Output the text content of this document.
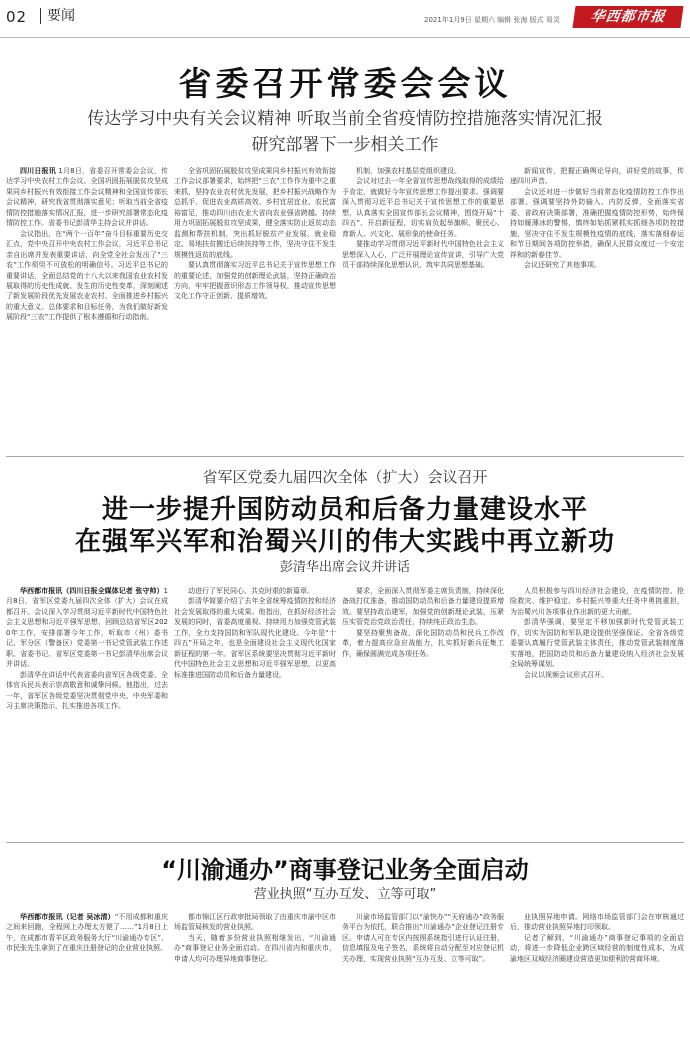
02	要闻	2021年1月9日 星期六 编辑 张海 版式 易灵	华西都市报
省委召开常委会会议
传达学习中央有关会议精神 听取当前全省疫情防控措施落实情况汇报
研究部署下一步相关工作

四川日报讯 1月8日，省委召开常委会会议，传达学习中央农村工作会议、全国巩固拓展脱贫攻坚成果同乡村振兴有效衔接工作会议精神和全国宣传部长会议精神，研究我省贯彻落实意见；听取当前全省疫情防控措施落实情况汇报，进一步研究部署常态化疫情防控工作。省委书记彭清华主持会议并讲话。

会议指出，在“两个一百年”奋斗目标重要历史交汇点，党中央召开中央农村工作会议，习近平总书记亲自出席并发表重要讲话，向全党全社会发出了“三农”工作须臾不可放松的明确信号。习近平总书记的重要讲话，全面总结党的十八大以来我国农业农村发展取得的历史性成就、发生的历史性变革，深刻阐述了新发展阶段优先发展农业农村、全面推进乡村振兴的重大意义、总体要求和目标任务，为我们做好新发展阶段“三农”工作提供了根本遵循和行动指南。

全省巩固拓展脱贫攻坚成果同乡村振兴有效衔接工作会议部署要求，始终把“三农”工作作为重中之重来抓，坚持农业农村优先发展，把乡村振兴战略作为总抓手，促进农业高质高效、乡村宜居宜业、农民富裕富足，推动四川由农业大省向农业强省跨越。持续用力巩固拓展脱贫攻坚成果，健全落实防止返贫动态监测和帮扶机制，突出抓好脱贫产业发展、就业稳定、易地扶贫搬迁后续扶持等工作，坚决守住不发生规模性返贫的底线。

要认真贯彻落实习近平总书记关于宣传思想工作的重要论述，加强党的创新理论武装，坚持正确政治方向，牢牢把握意识形态工作领导权，推动宣传思想文化工作守正创新、提质增效。

机制，加强农村基层党组织建设。

会议对过去一年全省宣传思想战线取得的成绩给予肯定，就做好今年宣传思想工作提出要求。强调要深入贯彻习近平总书记关于宣传思想工作的重要思想，认真落实全国宣传部长会议精神，围绕开局“十四五”、开启新征程，切实肩负起举旗帜、聚民心、育新人、兴文化、展形象的使命任务。

要推动学习贯彻习近平新时代中国特色社会主义思想深入人心，广泛开展理论宣传宣讲，引导广大党员干部持续深化思想认识，筑牢共同思想基础。

新闻宣传，把握正确舆论导向，讲好党的故事，传递四川声音。

会议还对进一步做好当前常态化疫情防控工作作出部署。强调要坚持外防输入、内防反弹，全面落实省委、省政府决策部署，准确把握疫情防控形势，始终保持如履薄冰的警惕，慎终如始抓紧抓实抓细各项防控措施，坚决守住不发生规模性疫情的底线，落实落细春运和节日期间各项防控举措，确保人民群众度过一个安定祥和的新春佳节。

会议还研究了其他事项。

省军区党委九届四次全体（扩大）会议召开
进一步提升国防动员和后备力量建设水平
在强军兴军和治蜀兴川的伟大实践中再立新功
彭清华出席会议并讲话

华西都市报讯（四川日报全媒体记者 张守帅）1月8日，省军区党委九届四次全体（扩大）会议在成都召开。会议深入学习贯彻习近平新时代中国特色社会主义思想和习近平强军思想，回顾总结省军区2020年工作，安排部署今年工作，听取市（州）委书记、军分区（警备区）党委第一书记党管武装工作述职。省委书记、省军区党委第一书记彭清华出席会议并讲话。

彭清华在讲话中代表省委向省军区各级党委、全体官兵民兵表示崇高敬意和诚挚问候。他指出，过去一年，省军区各级党委坚决贯彻党中央、中央军委和习主席决策指示，扎实推进各项工作。

动进行了军民同心、共克时艰的新篇章。

彭清华简要介绍了去年全省统筹疫情防控和经济社会发展取得的重大成果。他指出，在抓好经济社会发展的同时，省委高度重视、持续用力加强党管武装工作，全力支持国防和军队现代化建设。今年是“十四五”开局之年，也是全面建设社会主义现代化国家新征程的第一年。省军区系统要坚决贯彻习近平新时代中国特色社会主义思想和习近平强军思想，以更高标准推进国防动员和后备力量建设。

要求，全面深入贯彻军委主席负责制，持续深化备战打仗准备，推动国防动员和后备力量建设提质增效。要坚持政治建军，加强党的创新理论武装，压紧压实管党治党政治责任，持续纯正政治生态。

要坚持聚焦备战，深化国防动员和民兵工作改革，着力提高应急应战能力，扎实抓好新兵征集工作，确保圆满完成各项任务。

人员积极参与四川经济社会建设，在疫情防控、抢险救灾、维护稳定、乡村振兴等重大任务中勇挑重担，为治蜀兴川各项事业作出新的更大贡献。

彭清华强调，要坚定不移加强新时代党管武装工作，切实为国防和军队建设提供坚强保证。全省各级党委要认真履行党管武装主体责任，推动党管武装制度落实落地，把国防动员和后备力量建设纳入经济社会发展全局统筹谋划。

会议以视频会议形式召开。

“川渝通办”商事登记业务全面启动
营业执照“互办互发、立等可取”

华西都市报讯（记者 吴冰清）“不用成都和重庆之间来回跑，全程网上办理太方便了……”1月8日上午，在成都市青羊区政务服务大厅“川渝通办专区”，市民张先生拿到了在重庆注册登记的企业营业执照。

都市锦江区行政审批局领取了由重庆市渝中区市场监管局核发的营业执照。

当天，随着多份营业执照相继发出，“川渝通办”商事登记业务全面启动。在四川省内和重庆市，申请人均可办理异地商事登记。

川渝市场监管部门以“渝快办”“天府通办”政务服务平台为依托，联合推出“川渝通办”企业登记注册专区。申请人可在专区内按照系统指引进行认证注册，信息填报及电子签名，系统将自动分配至对应登记机关办理，实现营业执照“互办互发、立等可取”。

业执照异地申请。网络市场监管部门会在审核通过后，推动营业执照异地打印领取。

记者了解到，“川渝通办”商事登记事项的全面启动，将进一步降低企业跨区域经营的制度性成本，为成渝地区双城经济圈建设营造更加便利的营商环境。
